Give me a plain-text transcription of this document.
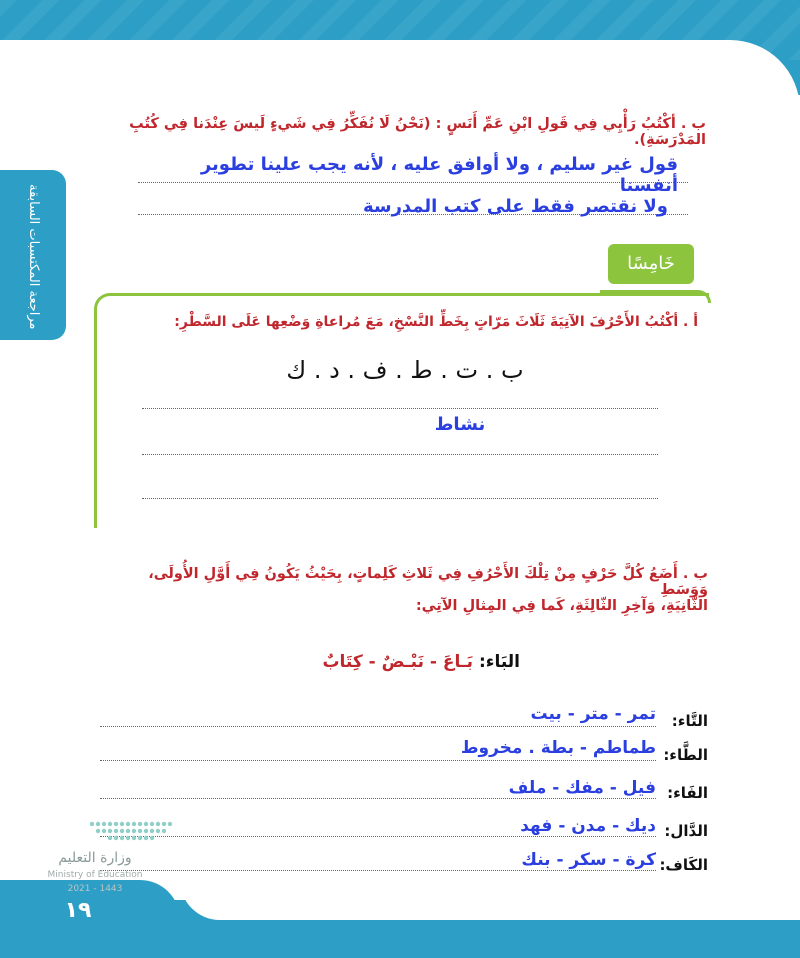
مراجعة المكتسبات السابقة
ب . أكْتُبُ رَأْيِي فِي قَولِ ابْنِ عَمِّ أَنَسٍ : (نَحْنُ لَا نُفَكِّرُ فِي شَيءٍ لَيسَ عِنْدَنا فِي كُتُبِ المَدْرَسَةِ).
قول غير سليم ، ولا أوافق عليه ، لأنه يجب علينا تطوير أنفسنا
ولا نقتصر فقط على كتب المدرسة
خَامِسًا
أ . أكْتُبُ الأَحْرُفَ الآتِيَةَ ثَلَاثَ مَرّاتٍ بِخَطِّ النَّسْخِ، مَعَ مُراعاةِ وَضْعِها عَلَى السَّطْرِ:
ب . ت . ط . ف . د . ك
نشاط
ب . أَضَعُ كُلَّ حَرْفٍ مِنْ تِلْكَ الأَحْرُفِ فِي ثَلاثِ كَلِماتٍ، بِحَيْثُ يَكُونُ فِي أَوَّلِ الأُولَى، وَوَسَطِ
الثّانِيَةِ، وَآخِرِ الثّالِثَةِ، كَما فِي المِثالِ الآتِي:
البَاء: بَـاعَ - نَبْـضٌ - كِتَابٌ
التَّاء:
تمر - متر - بيت
الطَّاء:
طماطم - بطة . مخروط
الفَاء:
فيل - مفك - ملف
الدَّال:
ديك - مدن - فهد
الكَاف:
كرة - سكر - بنك
وزارة التعليم
Ministry of Education
2021 - 1443
١٩
